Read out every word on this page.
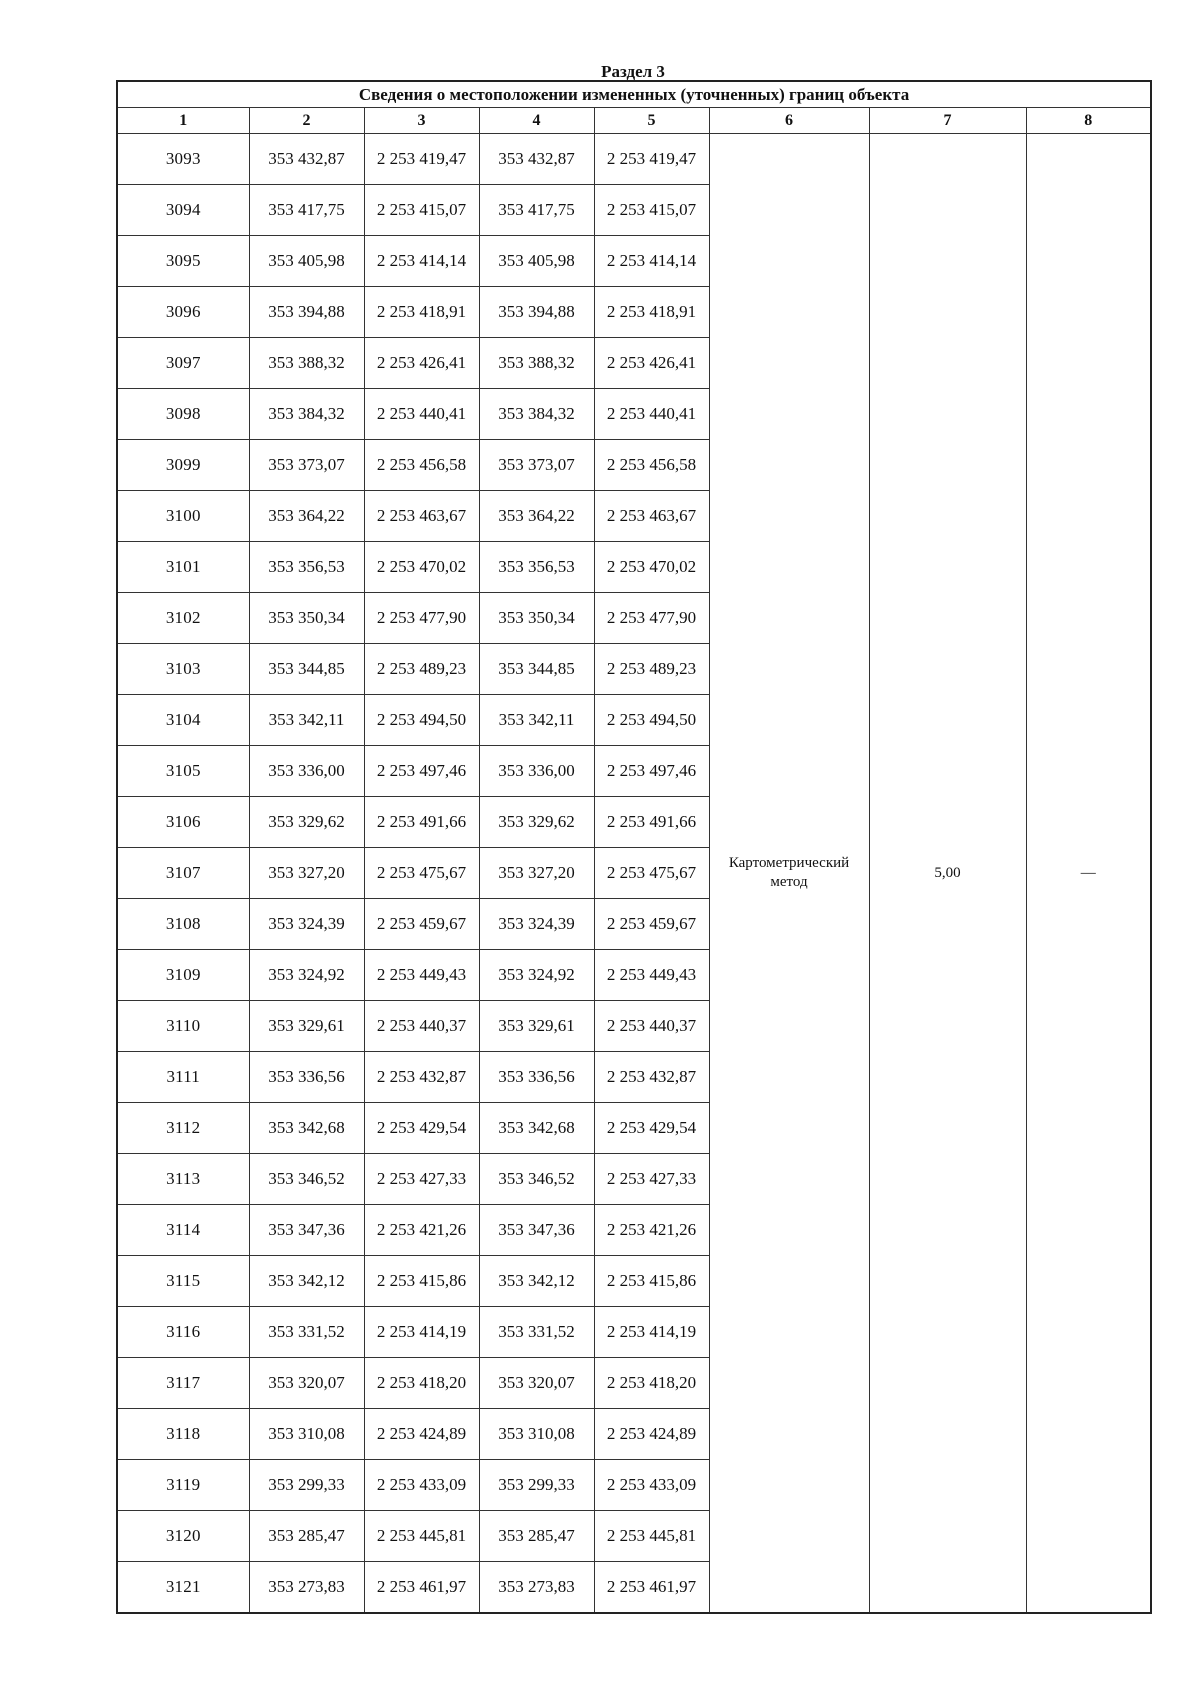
Раздел 3
Сведения о местоположении измененных (уточненных) границ объекта							
1	2	3	4	5	6	7	8
3093	353 432,87	2 253 419,47	353 432,87	2 253 419,47	Картометрический метод	5,00	—
3094	353 417,75	2 253 415,07	353 417,75	2 253 415,07			
3095	353 405,98	2 253 414,14	353 405,98	2 253 414,14			
3096	353 394,88	2 253 418,91	353 394,88	2 253 418,91			
3097	353 388,32	2 253 426,41	353 388,32	2 253 426,41			
3098	353 384,32	2 253 440,41	353 384,32	2 253 440,41			
3099	353 373,07	2 253 456,58	353 373,07	2 253 456,58			
3100	353 364,22	2 253 463,67	353 364,22	2 253 463,67			
3101	353 356,53	2 253 470,02	353 356,53	2 253 470,02			
3102	353 350,34	2 253 477,90	353 350,34	2 253 477,90			
3103	353 344,85	2 253 489,23	353 344,85	2 253 489,23			
3104	353 342,11	2 253 494,50	353 342,11	2 253 494,50			
3105	353 336,00	2 253 497,46	353 336,00	2 253 497,46			
3106	353 329,62	2 253 491,66	353 329,62	2 253 491,66			
3107	353 327,20	2 253 475,67	353 327,20	2 253 475,67			
3108	353 324,39	2 253 459,67	353 324,39	2 253 459,67			
3109	353 324,92	2 253 449,43	353 324,92	2 253 449,43			
3110	353 329,61	2 253 440,37	353 329,61	2 253 440,37			
3111	353 336,56	2 253 432,87	353 336,56	2 253 432,87			
3112	353 342,68	2 253 429,54	353 342,68	2 253 429,54			
3113	353 346,52	2 253 427,33	353 346,52	2 253 427,33			
3114	353 347,36	2 253 421,26	353 347,36	2 253 421,26			
3115	353 342,12	2 253 415,86	353 342,12	2 253 415,86			
3116	353 331,52	2 253 414,19	353 331,52	2 253 414,19			
3117	353 320,07	2 253 418,20	353 320,07	2 253 418,20			
3118	353 310,08	2 253 424,89	353 310,08	2 253 424,89			
3119	353 299,33	2 253 433,09	353 299,33	2 253 433,09			
3120	353 285,47	2 253 445,81	353 285,47	2 253 445,81			
3121	353 273,83	2 253 461,97	353 273,83	2 253 461,97			
